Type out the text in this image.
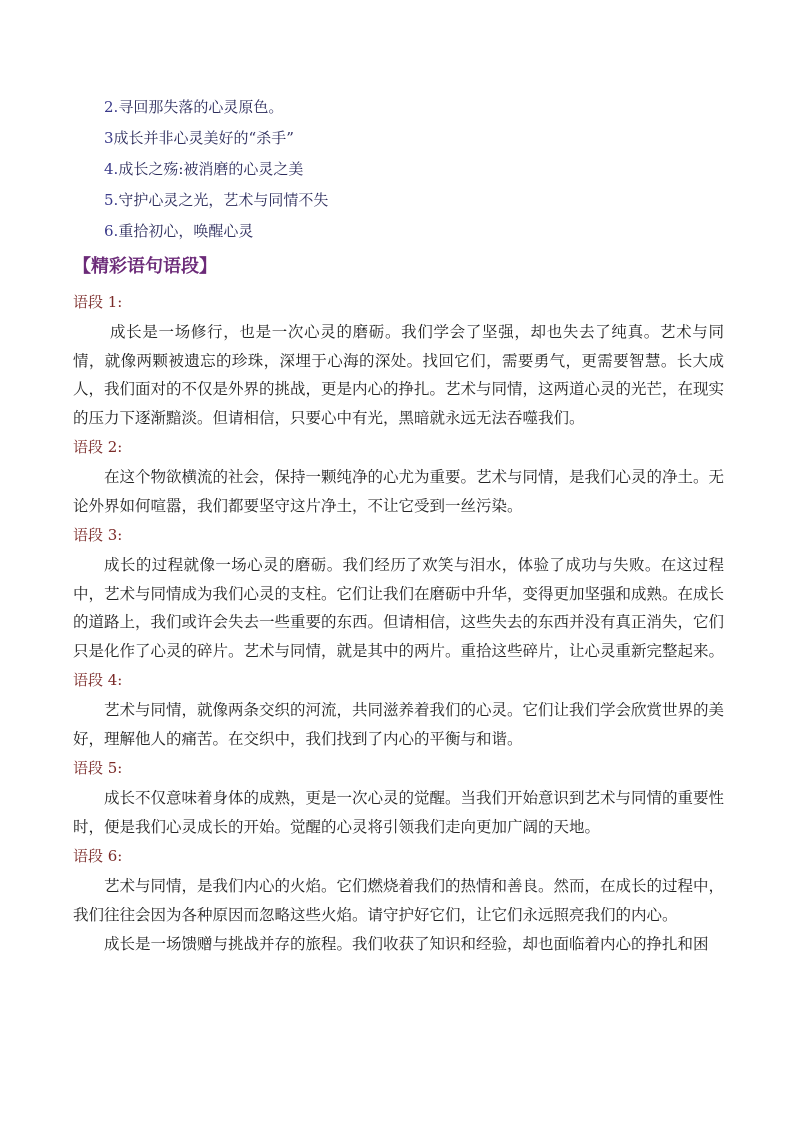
2.寻回那失落的心灵原色。
3成长并非心灵美好的“杀手”
4.成长之殇:被消磨的心灵之美
5.守护心灵之光，艺术与同情不失
6.重拾初心，唤醒心灵
【精彩语句语段】
语段 1:

成长是一场修行，也是一次心灵的磨砺。我们学会了坚强，却也失去了纯真。艺术与同情，就像两颗被遗忘的珍珠，深埋于心海的深处。找回它们，需要勇气，更需要智慧。长大成人，我们面对的不仅是外界的挑战，更是内心的挣扎。艺术与同情，这两道心灵的光芒，在现实的压力下逐渐黯淡。但请相信，只要心中有光，黑暗就永远无法吞噬我们。

语段 2:

在这个物欲横流的社会，保持一颗纯净的心尤为重要。艺术与同情，是我们心灵的净土。无论外界如何喧嚣，我们都要坚守这片净土，不让它受到一丝污染。

语段 3:

成长的过程就像一场心灵的磨砺。我们经历了欢笑与泪水，体验了成功与失败。在这过程中，艺术与同情成为我们心灵的支柱。它们让我们在磨砺中升华，变得更加坚强和成熟。在成长的道路上，我们或许会失去一些重要的东西。但请相信，这些失去的东西并没有真正消失，它们只是化作了心灵的碎片。艺术与同情，就是其中的两片。重拾这些碎片，让心灵重新完整起来。

语段 4:

艺术与同情，就像两条交织的河流，共同滋养着我们的心灵。它们让我们学会欣赏世界的美好，理解他人的痛苦。在交织中，我们找到了内心的平衡与和谐。

语段 5:

成长不仅意味着身体的成熟，更是一次心灵的觉醒。当我们开始意识到艺术与同情的重要性时，便是我们心灵成长的开始。觉醒的心灵将引领我们走向更加广阔的天地。

语段 6:

艺术与同情，是我们内心的火焰。它们燃烧着我们的热情和善良。然而，在成长的过程中，我们往往会因为各种原因而忽略这些火焰。请守护好它们，让它们永远照亮我们的内心。

成长是一场馈赠与挑战并存的旅程。我们收获了知识和经验，却也面临着内心的挣扎和困
